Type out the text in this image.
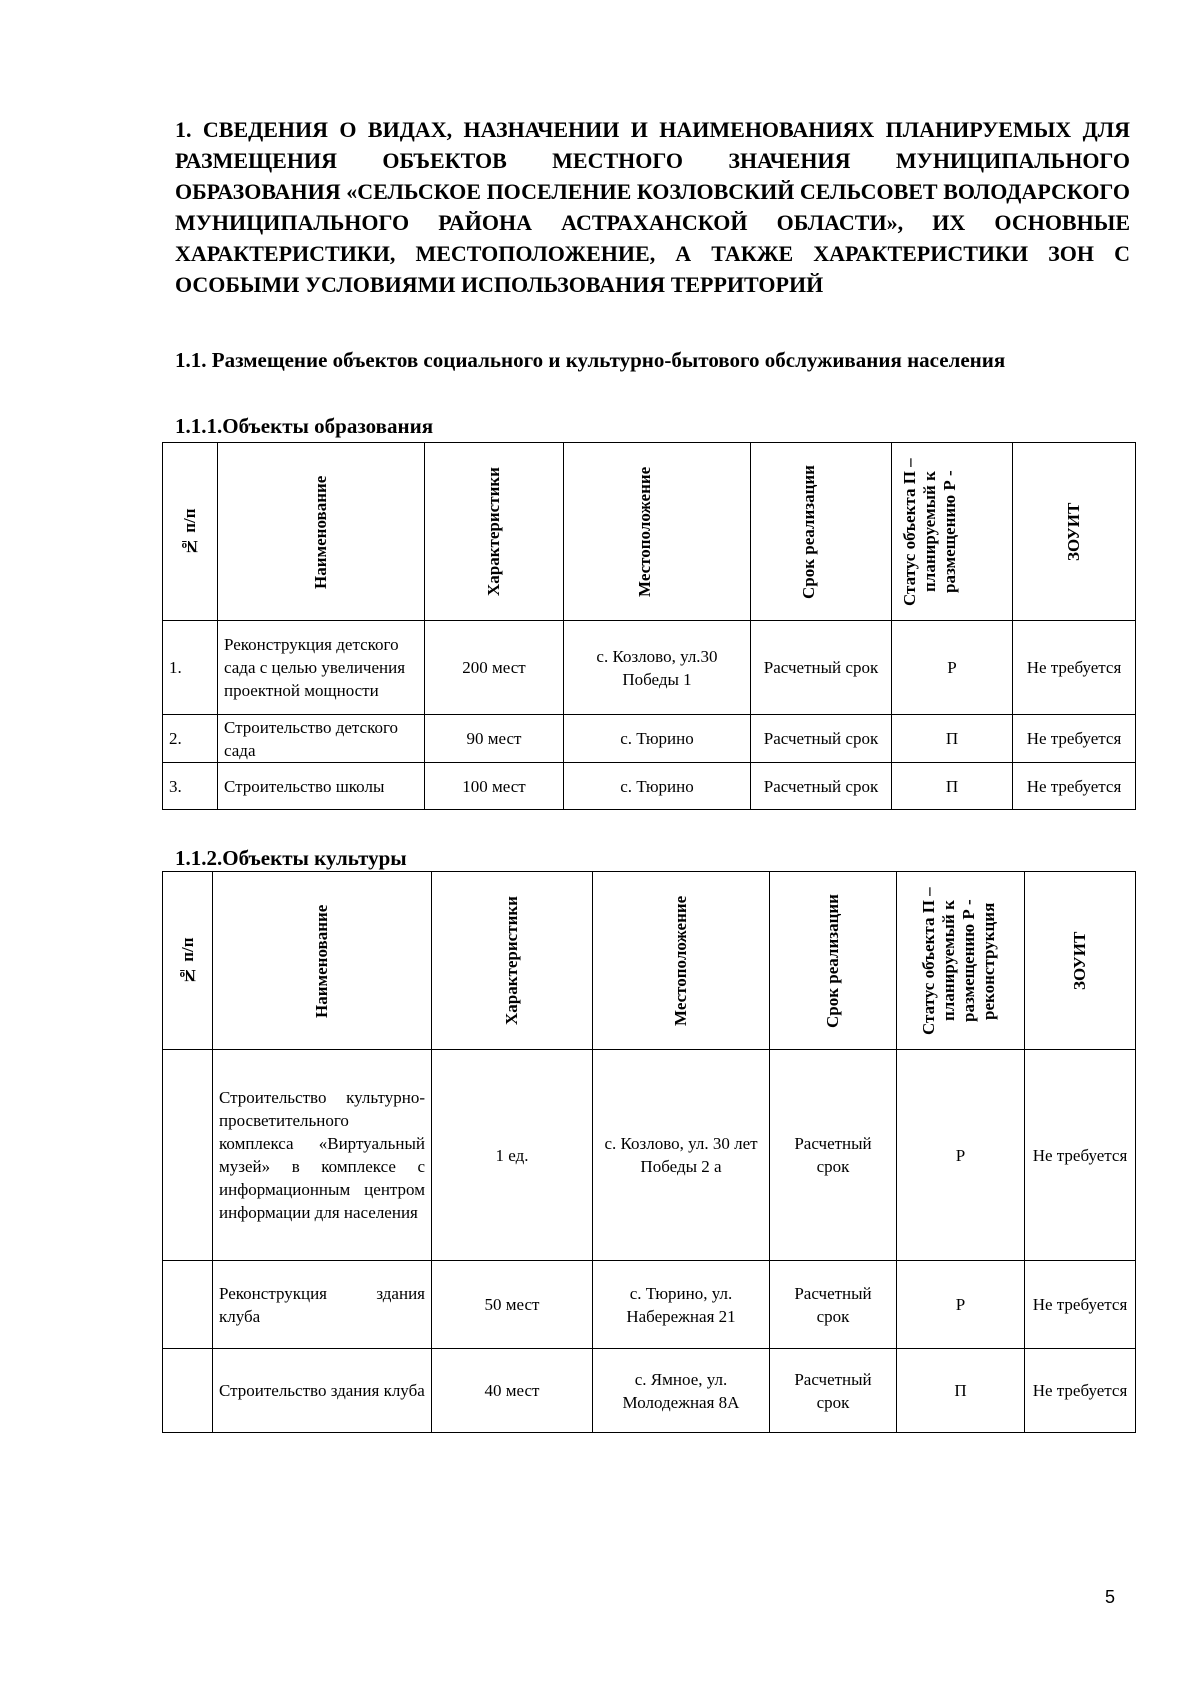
1. СВЕДЕНИЯ О ВИДАХ, НАЗНАЧЕНИИ И НАИМЕНОВАНИЯХ ПЛАНИРУЕМЫХ ДЛЯ РАЗМЕЩЕНИЯ ОБЪЕКТОВ МЕСТНОГО ЗНАЧЕНИЯ МУНИЦИПАЛЬНОГО ОБРАЗОВАНИЯ «СЕЛЬСКОЕ ПОСЕЛЕНИЕ КОЗЛОВСКИЙ СЕЛЬСОВЕТ ВОЛОДАРСКОГО МУНИЦИПАЛЬНОГО РАЙОНА АСТРАХАНСКОЙ ОБЛАСТИ», ИХ ОСНОВНЫЕ ХАРАКТЕРИСТИКИ, МЕСТОПОЛОЖЕНИЕ, А ТАКЖЕ ХАРАКТЕРИСТИКИ ЗОН С ОСОБЫМИ УСЛОВИЯМИ ИСПОЛЬЗОВАНИЯ ТЕРРИТОРИЙ
1.1. Размещение объектов социального и культурно-бытового обслуживания населения
1.1.1.Объекты образования
№ п/п	Наименование	Характеристики	Местоположение	Срок реализации	Статус объекта П – планируемый к размещению Р -	ЗОУИТ

1.	Реконструкция детского сада с целью увеличения проектной мощности	200 мест	с. Козлово, ул.30 Победы 1	Расчетный срок	Р	Не требуется
2.	Строительство детского сада	90 мест	с. Тюрино	Расчетный срок	П	Не требуется
3.	Строительство школы	100 мест	с. Тюрино	Расчетный срок	П	Не требуется
1.1.2.Объекты культуры
№ п/п	Наименование	Характеристики	Местоположение	Срок реализации	Статус объекта П – планируемый к размещению Р - реконструкция	ЗОУИТ

	Строительство культурно-просветительного комплекса «Виртуальный музей» в комплексе с информационным центром информации для населения	1 ед.	с. Козлово, ул. 30 лет Победы 2 а	Расчетный срок	Р	Не требуется
	Реконструкция здания клуба	50 мест	с. Тюрино, ул. Набережная 21	Расчетный срок	Р	Не требуется
	Строительство здания клуба	40 мест	с. Ямное, ул. Молодежная 8А	Расчетный срок	П	Не требуется
5
